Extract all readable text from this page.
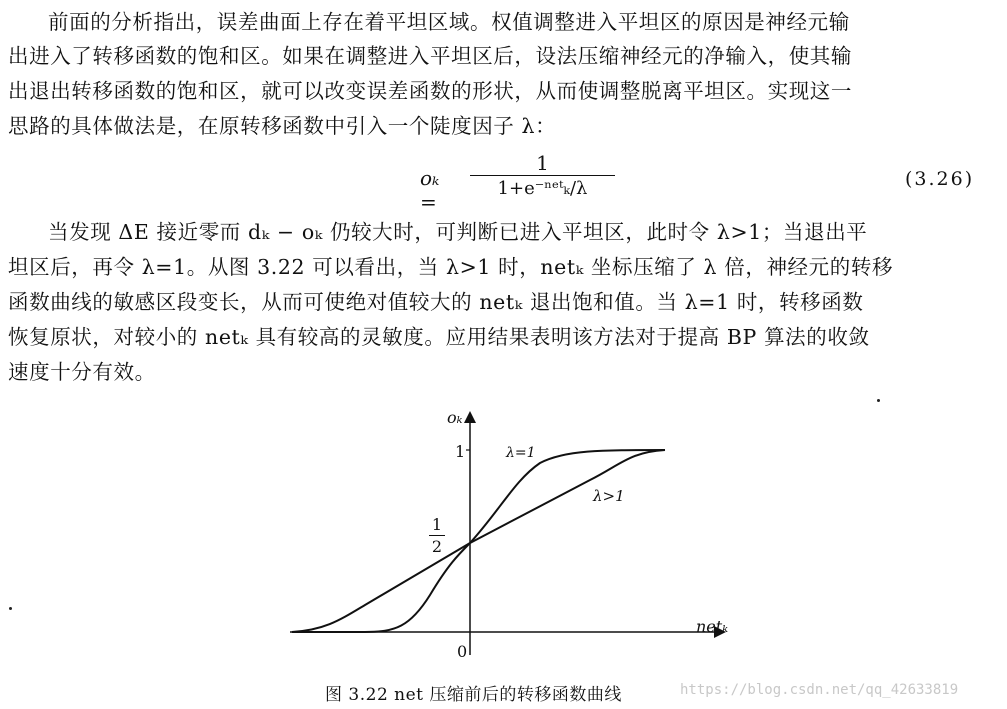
前面的分析指出，误差曲面上存在着平坦区域。权值调整进入平坦区的原因是神经元输
出进入了转移函数的饱和区。如果在调整进入平坦区后，设法压缩神经元的净输入，使其输
出退出转移函数的饱和区，就可以改变误差函数的形状，从而使调整脱离平坦区。实现这一
思路的具体做法是，在原转移函数中引入一个陡度因子 λ：
oₖ =
1
1+e⁻ⁿᵉᵗₖ/λ	(3.26)
当发现 ΔE 接近零而 dₖ − oₖ 仍较大时，可判断已进入平坦区，此时令 λ>1；当退出平
坦区后，再令 λ=1。从图 3.22 可以看出，当 λ>1 时，netₖ 坐标压缩了 λ 倍，神经元的转移
函数曲线的敏感区段变长，从而可使绝对值较大的 netₖ 退出饱和值。当 λ=1 时，转移函数
恢复原状，对较小的 netₖ 具有较高的灵敏度。应用结果表明该方法对于提高 BP 算法的收敛
速度十分有效。
oₖ
netₖ
1
1
2
0
λ=1
λ>1
图 3.22 net 压缩前后的转移函数曲线	https://blog.csdn.net/qq_42633819
